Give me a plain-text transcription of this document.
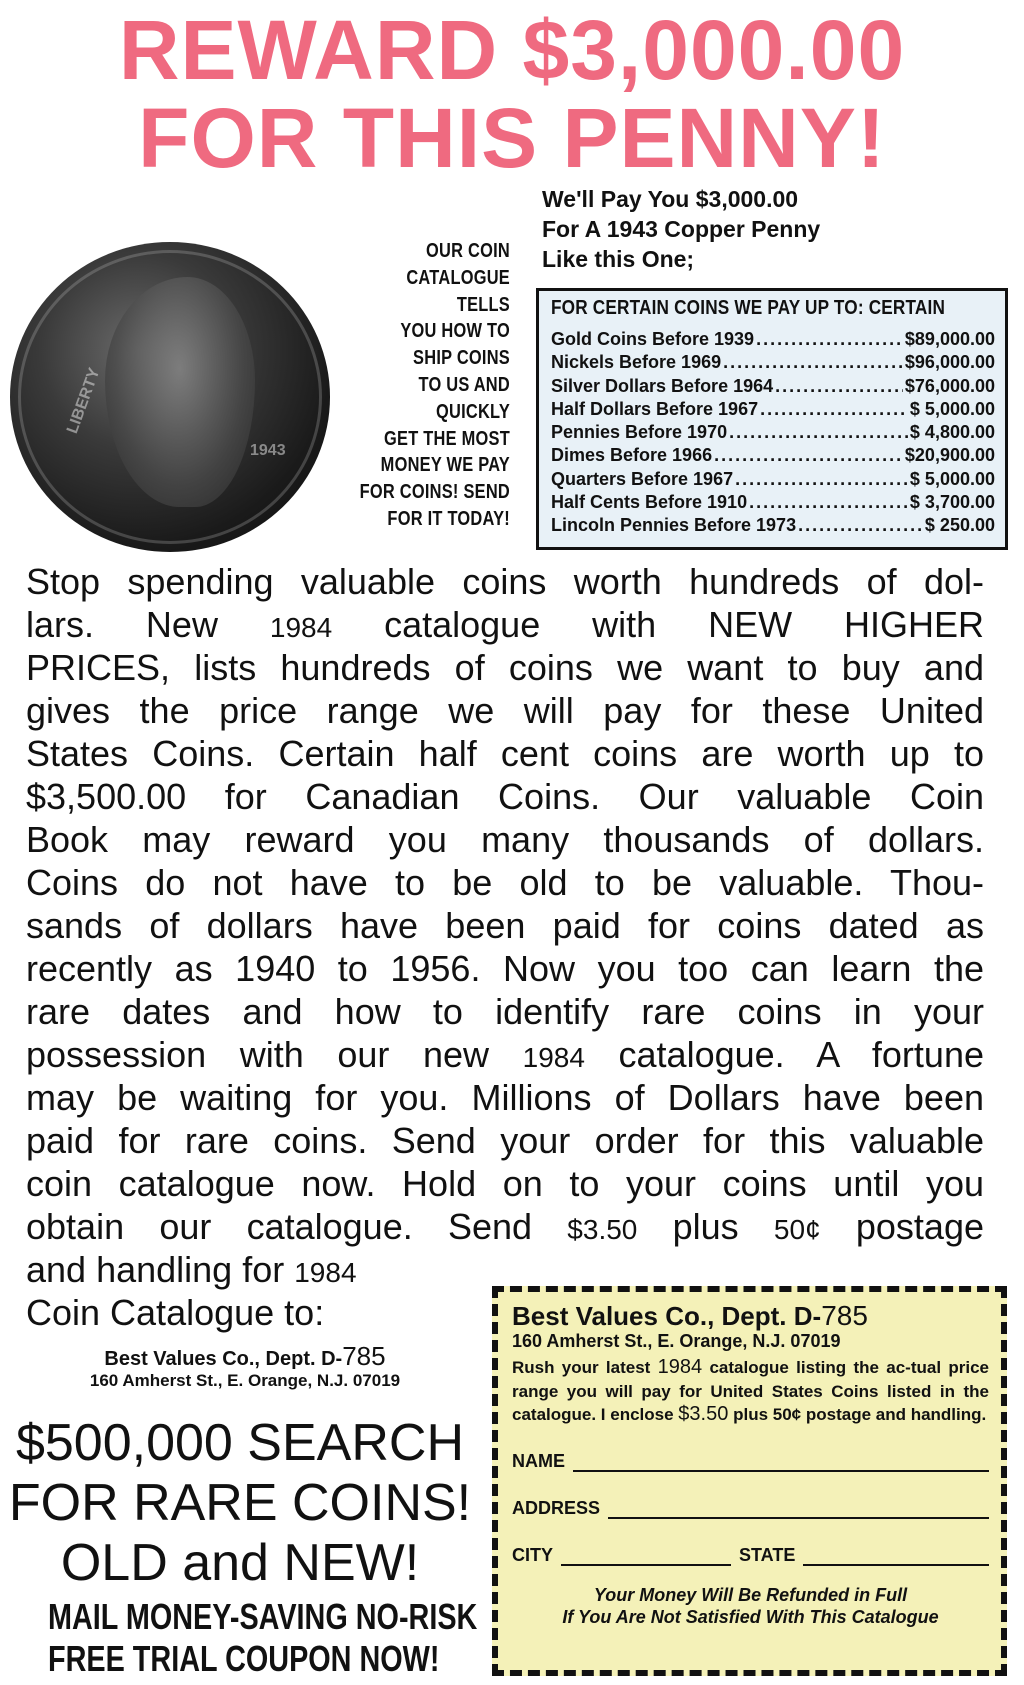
REWARD $3,000.00
FOR THIS PENNY!
LIBERTY
1943
OUR COIN
CATALOGUE TELLS
YOU HOW TO
SHIP COINS
TO US AND
QUICKLY
GET THE MOST
MONEY WE PAY
FOR COINS! SEND
FOR IT TODAY!
We'll Pay You $3,000.00
For A 1943 Copper Penny
Like this One;
FOR CERTAIN COINS WE PAY UP TO: CERTAIN
Gold Coins Before 1939 .....	$89,000.00
Nickels Before 1969 .....	$96,000.00
Silver Dollars Before 1964 .....	$76,000.00
Half Dollars Before 1967 .....	$ 5,000.00
Pennies Before 1970 .....	$ 4,800.00
Dimes Before 1966 .....	$20,900.00
Quarters Before 1967 .....	$ 5,000.00
Half Cents Before 1910 .....	$ 3,700.00
Lincoln Pennies Before 1973 .....	$ 250.00
Stop spending valuable coins worth hundreds of dol-
lars. New 1984 catalogue with NEW HIGHER
PRICES, lists hundreds of coins we want to buy and
gives the price range we will pay for these United
States Coins. Certain half cent coins are worth up to
$3,500.00 for Canadian Coins. Our valuable Coin
Book may reward you many thousands of dollars.
Coins do not have to be old to be valuable. Thou-
sands of dollars have been paid for coins dated as
recently as 1940 to 1956. Now you too can learn the
rare dates and how to identify rare coins in your
possession with our new 1984 catalogue. A fortune
may be waiting for you. Millions of Dollars have been
paid for rare coins. Send your order for this valuable
coin catalogue now. Hold on to your coins until you
obtain our catalogue. Send $3.50 plus 50¢ postage
and handling for 1984
Coin Catalogue to:
Best Values Co., Dept. D-785
160 Amherst St., E. Orange, N.J. 07019
$500,000 SEARCH
FOR RARE COINS!
OLD and NEW!
MAIL MONEY-SAVING NO-RISK
FREE TRIAL COUPON NOW!
Best Values Co., Dept. D-785
160 Amherst St., E. Orange, N.J. 07019
Rush your latest 1984 catalogue listing the ac-tual price range you will pay for United States Coins listed in the catalogue. I enclose $3.50 plus 50¢ postage and handling.
NAME
ADDRESS
CITY	STATE
Your Money Will Be Refunded in Full
If You Are Not Satisfied With This Catalogue
